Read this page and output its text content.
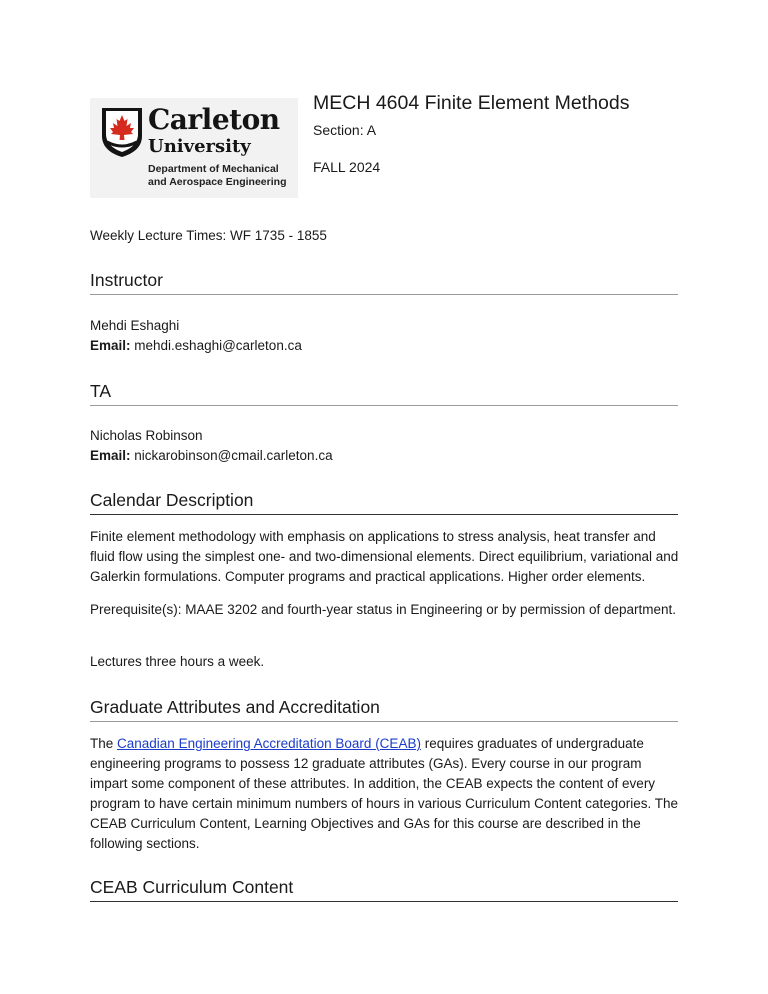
Carleton
University
Department of Mechanical
and Aerospace Engineering
MECH 4604 Finite Element Methods
Section: A
FALL 2024
Weekly Lecture Times: WF 1735 - 1855
Instructor

Mehdi Eshaghi

Email: mehdi.eshaghi@carleton.ca

TA

Nicholas Robinson

Email: nickarobinson@cmail.carleton.ca

Calendar Description
Finite element methodology with emphasis on applications to stress analysis, heat transfer and fluid flow using the simplest one- and two-dimensional elements. Direct equilibrium, variational and Galerkin formulations. Computer programs and practical applications. Higher order elements.
Prerequisite(s): MAAE 3202 and fourth-year status in Engineering or by permission of department.
Lectures three hours a week.
Graduate Attributes and Accreditation
The Canadian Engineering Accreditation Board (CEAB) requires graduates of undergraduate engineering programs to possess 12 graduate attributes (GAs). Every course in our program impart some component of these attributes. In addition, the CEAB expects the content of every program to have certain minimum numbers of hours in various Curriculum Content categories. The CEAB Curriculum Content, Learning Objectives and GAs for this course are described in the following sections.
CEAB Curriculum Content
